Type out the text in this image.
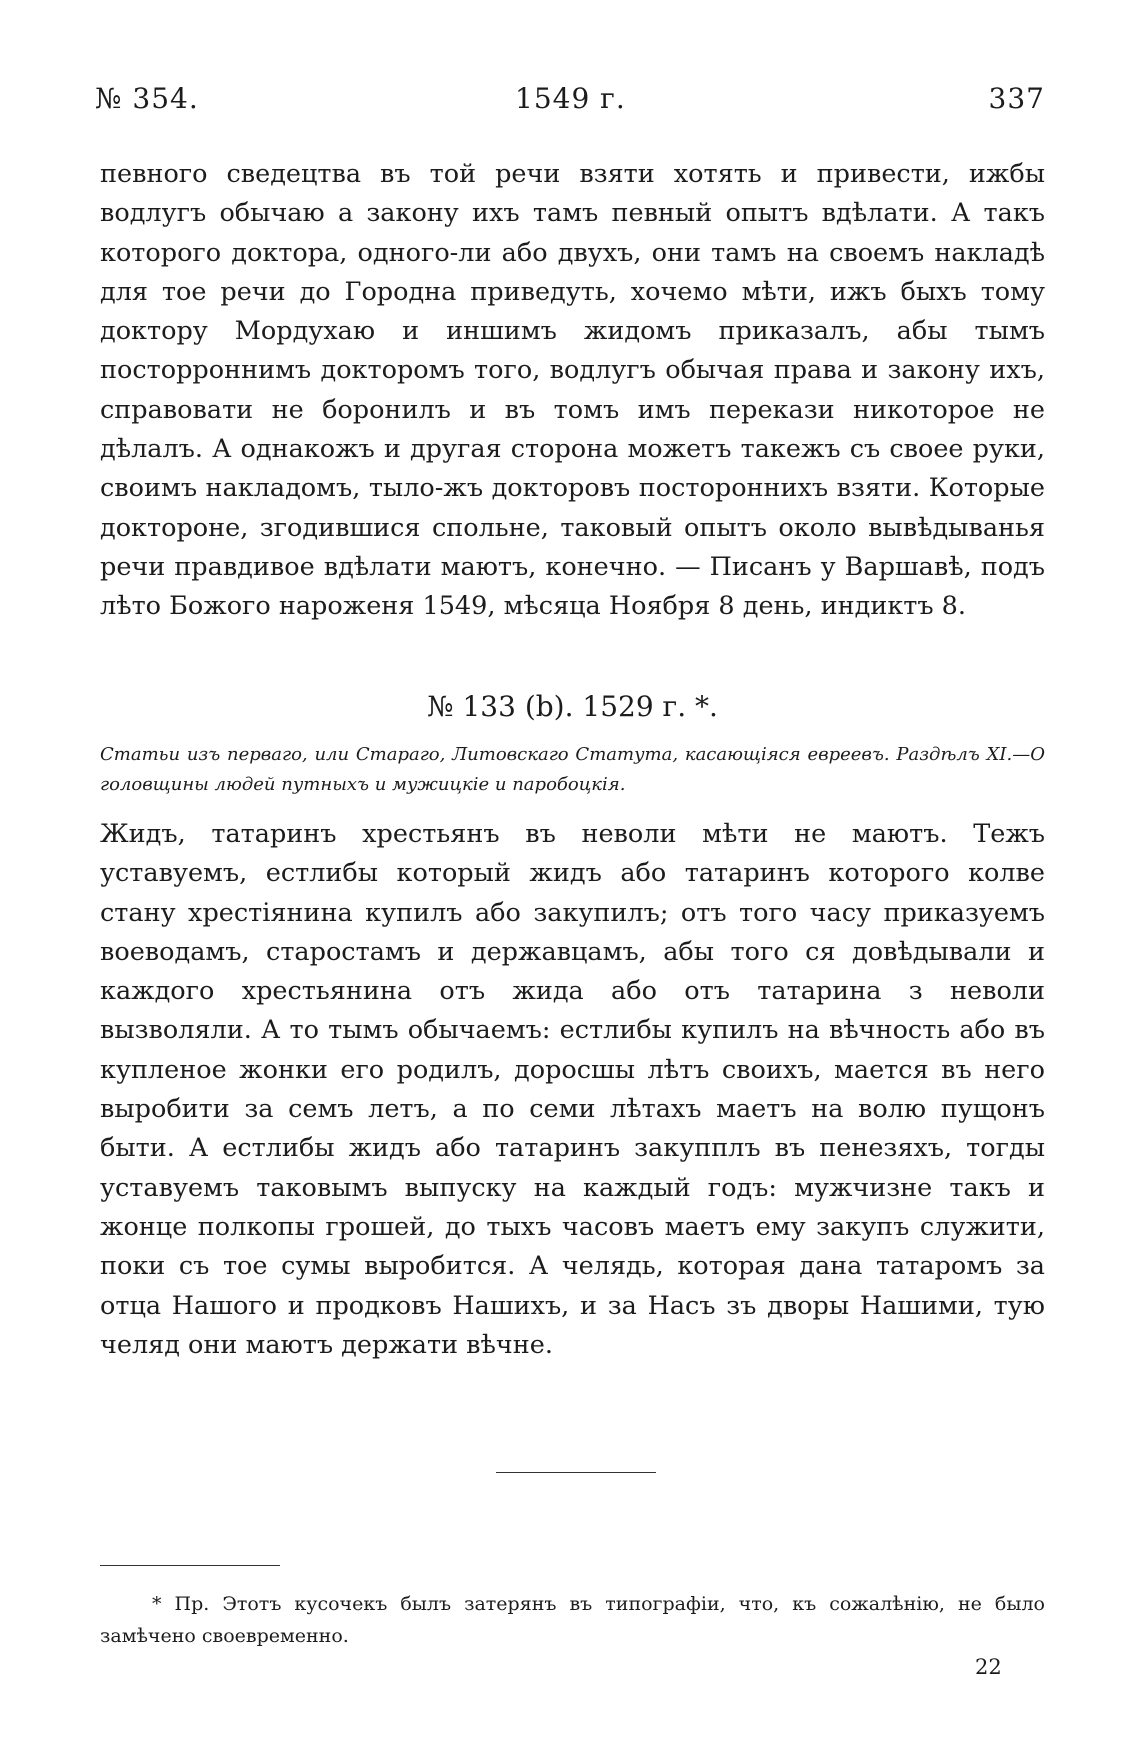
№ 354.	1549 г.	337

певного сведецтва въ той речи взяти хотять и привести, ижбы водлугъ обычаю а закону ихъ тамъ певный опытъ вдѣлати. А такъ которого доктора, одного-ли або двухъ, они тамъ на своемъ накладѣ для тое речи до Городна приведуть, хочемо мѣти, ижъ быхъ тому доктору Мордухаю и иншимъ жидомъ приказалъ, абы тымъ посторроннимъ докторомъ того, водлугъ обычая права и закону ихъ, справовати не боронилъ и въ томъ имъ перекази никоторое не дѣлалъ. А однакожъ и другая сторона можетъ такежъ съ своее руки, своимъ накладомъ, тыло-жъ докторовъ постороннихъ взяти. Которые доктороне, згодившися спольне, таковый опытъ около вывѣдыванья речи правдивое вдѣлати маютъ, конечно. — Писанъ у Варшавѣ, подъ лѣто Божого нароженя 1549, мѣсяца Ноября 8 день, индиктъ 8.

№ 133 (b). 1529 г. *.

Статьи изъ перваго, или Стараго, Литовскаго Статута, касающіяся евреевъ. Раздѣлъ XI.—О головщины людей путныхъ и мужицкіе и паробоцкія.

Жидъ, татаринъ хрестьянъ въ неволи мѣти не маютъ. Тежъ уставуемъ, естлибы который жидъ або татаринъ которого колве стану хрестіянина купилъ або закупилъ; отъ того часу приказуемъ воеводамъ, старостамъ и державцамъ, абы того ся довѣдывали и каждого хрестьянина отъ жида або отъ татарина з неволи вызволяли. А то тымъ обычаемъ: естлибы купилъ на вѣчность або въ купленое жонки его родилъ, доросшы лѣтъ своихъ, мается въ него выробити за семъ летъ, а по семи лѣтахъ маетъ на волю пущонъ быти. А естлибы жидъ або татаринъ закупплъ въ пенезяхъ, тогды уставуемъ таковымъ выпуску на каждый годъ: мужчизне такъ и жонце полкопы грошей, до тыхъ часовъ маетъ ему закупъ служити, поки съ тое сумы выробится. А челядь, которая дана татаромъ за отца Нашого и продковъ Нашихъ, и за Насъ зъ дворы Нашими, тую челяд они маютъ держати вѣчне.

* Пр. Этотъ кусочекъ былъ затерянъ въ типографіи, что, къ сожалѣнію, не было замѣчено своевременно.

22
